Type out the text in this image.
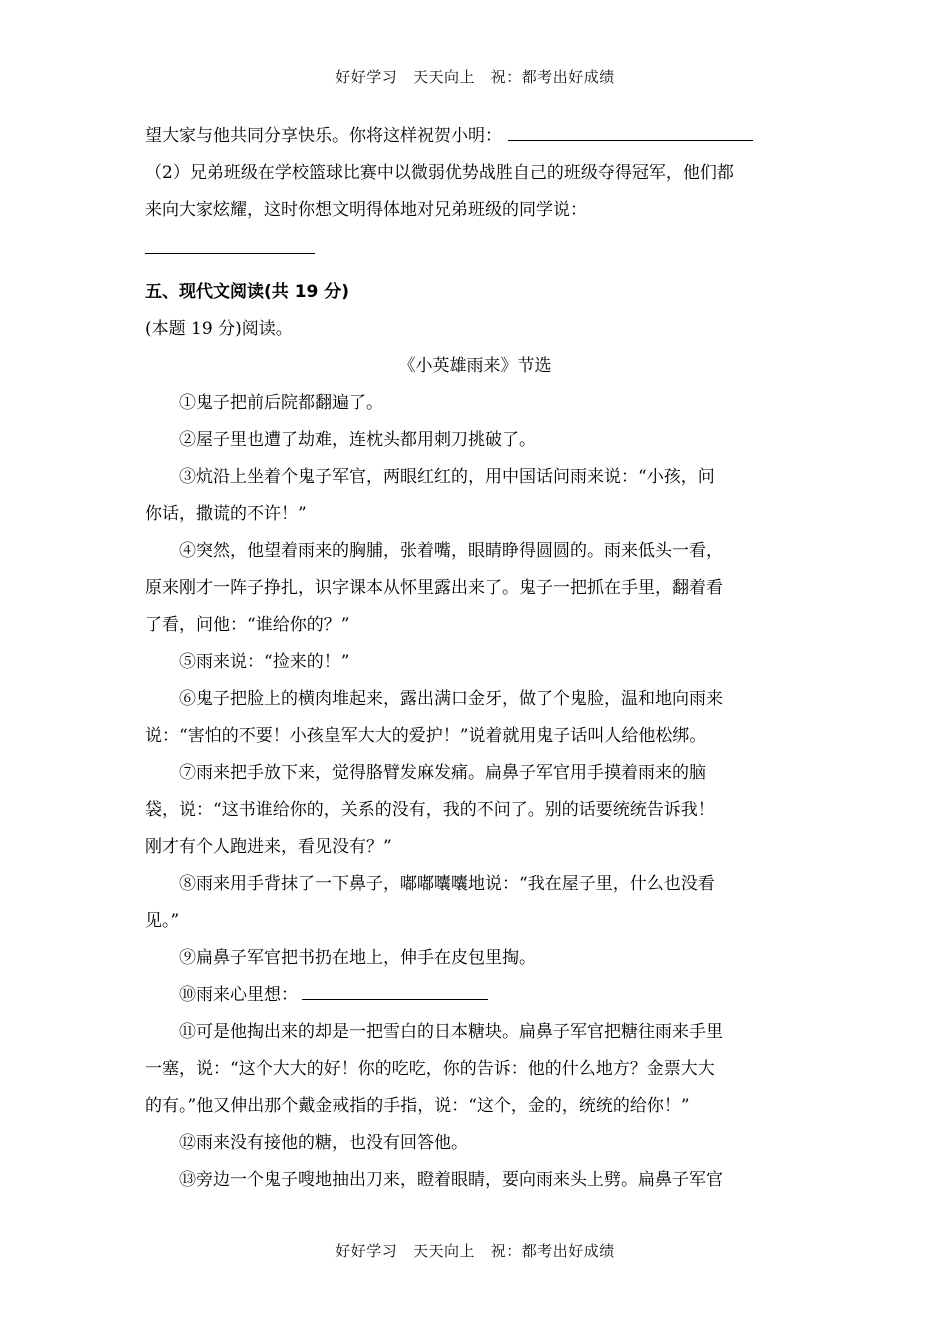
好好学习   天天向上   祝：都考出好成绩
望大家与他共同分享快乐。你将这样祝贺小明：
（2）兄弟班级在学校篮球比赛中以微弱优势战胜自己的班级夺得冠军，他们都
来向大家炫耀，这时你想文明得体地对兄弟班级的同学说：
五、现代文阅读(共 19 分)
(本题 19 分)阅读。
《小英雄雨来》节选
①鬼子把前后院都翻遍了。
②屋子里也遭了劫难，连枕头都用刺刀挑破了。
③炕沿上坐着个鬼子军官，两眼红红的，用中国话问雨来说：“小孩，问
你话，撒谎的不许！”
④突然，他望着雨来的胸脯，张着嘴，眼睛睁得圆圆的。雨来低头一看，
原来刚才一阵子挣扎，识字课本从怀里露出来了。鬼子一把抓在手里，翻着看
了看，问他：“谁给你的？”
⑤雨来说：“捡来的！”
⑥鬼子把脸上的横肉堆起来，露出满口金牙，做了个鬼脸，温和地向雨来
说：“害怕的不要！小孩皇军大大的爱护！”说着就用鬼子话叫人给他松绑。
⑦雨来把手放下来，觉得胳臂发麻发痛。扁鼻子军官用手摸着雨来的脑
袋，说：“这书谁给你的，关系的没有，我的不问了。别的话要统统告诉我！
刚才有个人跑进来，看见没有？”
⑧雨来用手背抹了一下鼻子，嘟嘟囔囔地说：“我在屋子里，什么也没看
见。”
⑨扁鼻子军官把书扔在地上，伸手在皮包里掏。
⑩雨来心里想：
⑪可是他掏出来的却是一把雪白的日本糖块。扁鼻子军官把糖往雨来手里
一塞，说：“这个大大的好！你的吃吃，你的告诉：他的什么地方？金票大大
的有。”他又伸出那个戴金戒指的手指，说：“这个，金的，统统的给你！”
⑫雨来没有接他的糖，也没有回答他。
⑬旁边一个鬼子嗖地抽出刀来，瞪着眼睛，要向雨来头上劈。扁鼻子军官
好好学习   天天向上   祝：都考出好成绩
